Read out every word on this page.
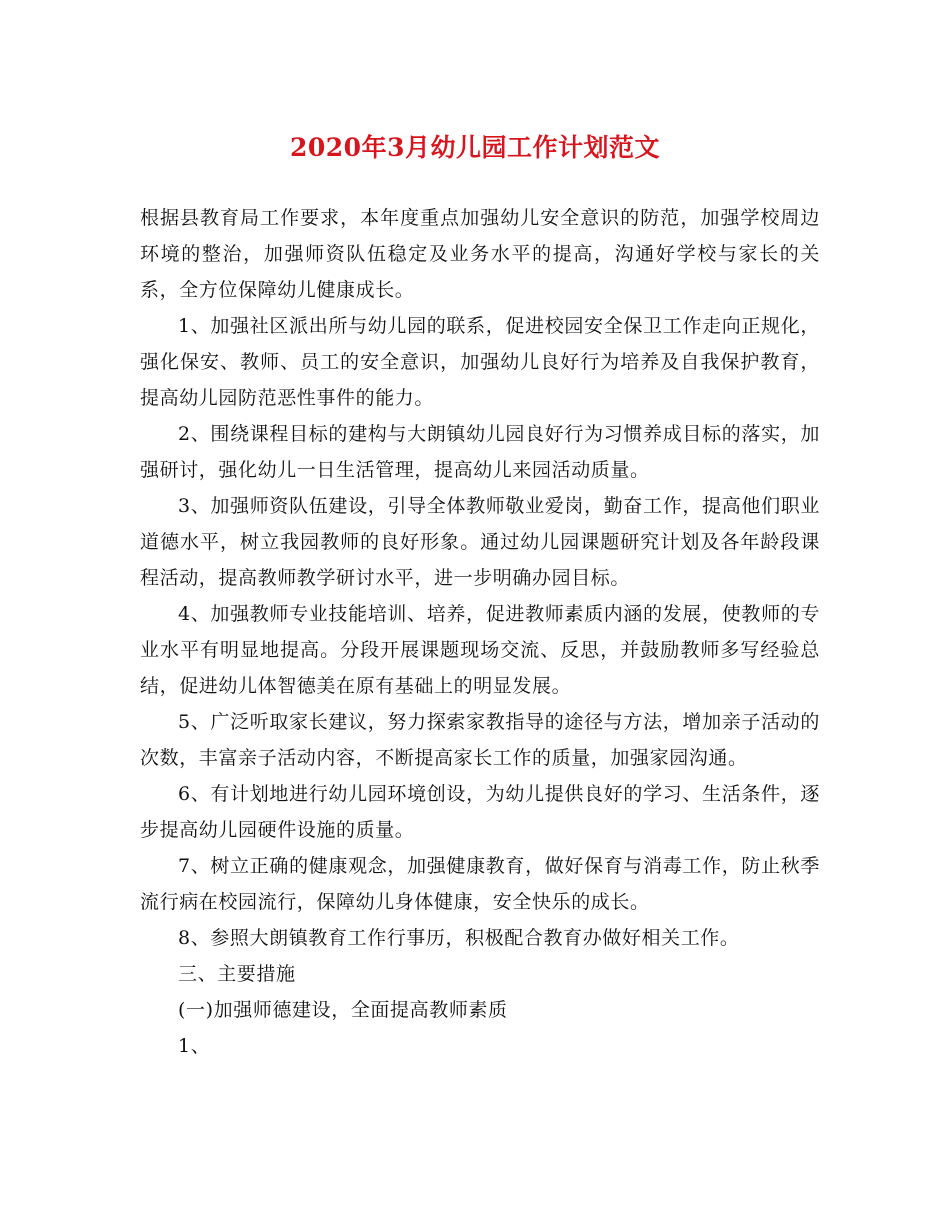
2020年3月幼儿园工作计划范文

根据县教育局工作要求，本年度重点加强幼儿安全意识的防范，加强学校周边环境的整治，加强师资队伍稳定及业务水平的提高，沟通好学校与家长的关系，全方位保障幼儿健康成长。

1、加强社区派出所与幼儿园的联系，促进校园安全保卫工作走向正规化，强化保安、教师、员工的安全意识，加强幼儿良好行为培养及自我保护教育，提高幼儿园防范恶性事件的能力。

2、围绕课程目标的建构与大朗镇幼儿园良好行为习惯养成目标的落实，加强研讨，强化幼儿一日生活管理，提高幼儿来园活动质量。

3、加强师资队伍建设，引导全体教师敬业爱岗，勤奋工作，提高他们职业道德水平，树立我园教师的良好形象。通过幼儿园课题研究计划及各年龄段课程活动，提高教师教学研讨水平，进一步明确办园目标。

4、加强教师专业技能培训、培养，促进教师素质内涵的发展，使教师的专业水平有明显地提高。分段开展课题现场交流、反思，并鼓励教师多写经验总结，促进幼儿体智德美在原有基础上的明显发展。

5、广泛听取家长建议，努力探索家教指导的途径与方法，增加亲子活动的次数，丰富亲子活动内容，不断提高家长工作的质量，加强家园沟通。

6、有计划地进行幼儿园环境创设，为幼儿提供良好的学习、生活条件，逐步提高幼儿园硬件设施的质量。

7、树立正确的健康观念，加强健康教育，做好保育与消毒工作，防止秋季流行病在校园流行，保障幼儿身体健康，安全快乐的成长。

8、参照大朗镇教育工作行事历，积极配合教育办做好相关工作。

三、主要措施

(一)加强师德建设，全面提高教师素质

1、
